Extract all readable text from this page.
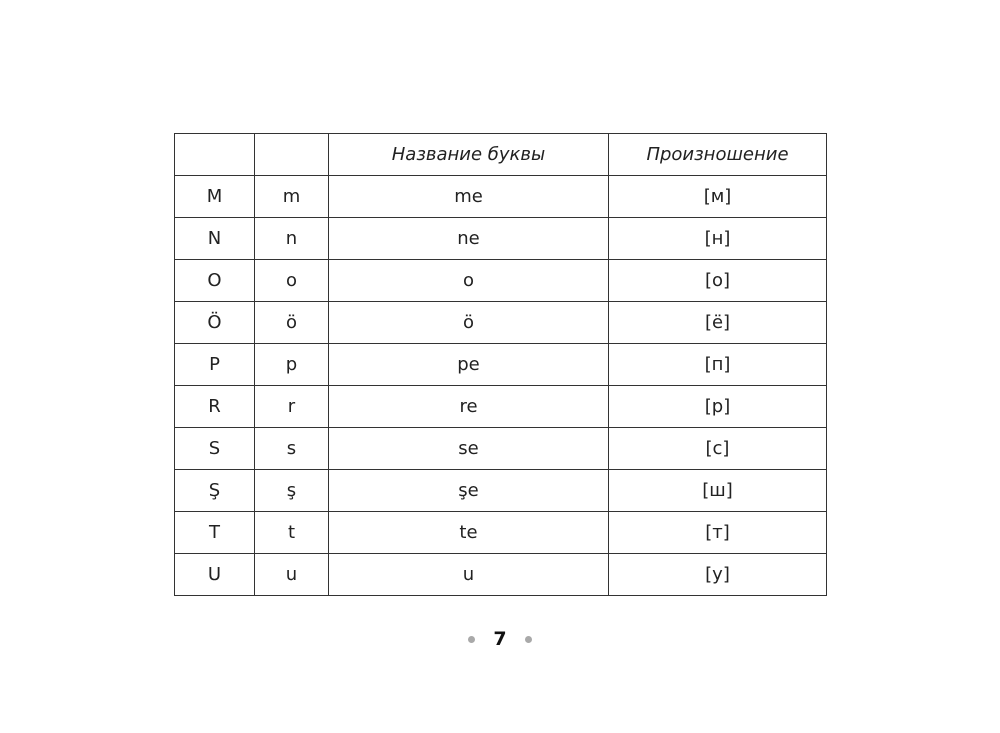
		Название буквы	Произношение
M	m	me	[м]
N	n	ne	[н]
O	o	o	[о]
Ö	ö	ö	[ё]
P	p	pe	[п]
R	r	re	[р]
S	s	se	[с]
Ş	ş	şe	[ш]
T	t	te	[т]
U	u	u	[у]
7
